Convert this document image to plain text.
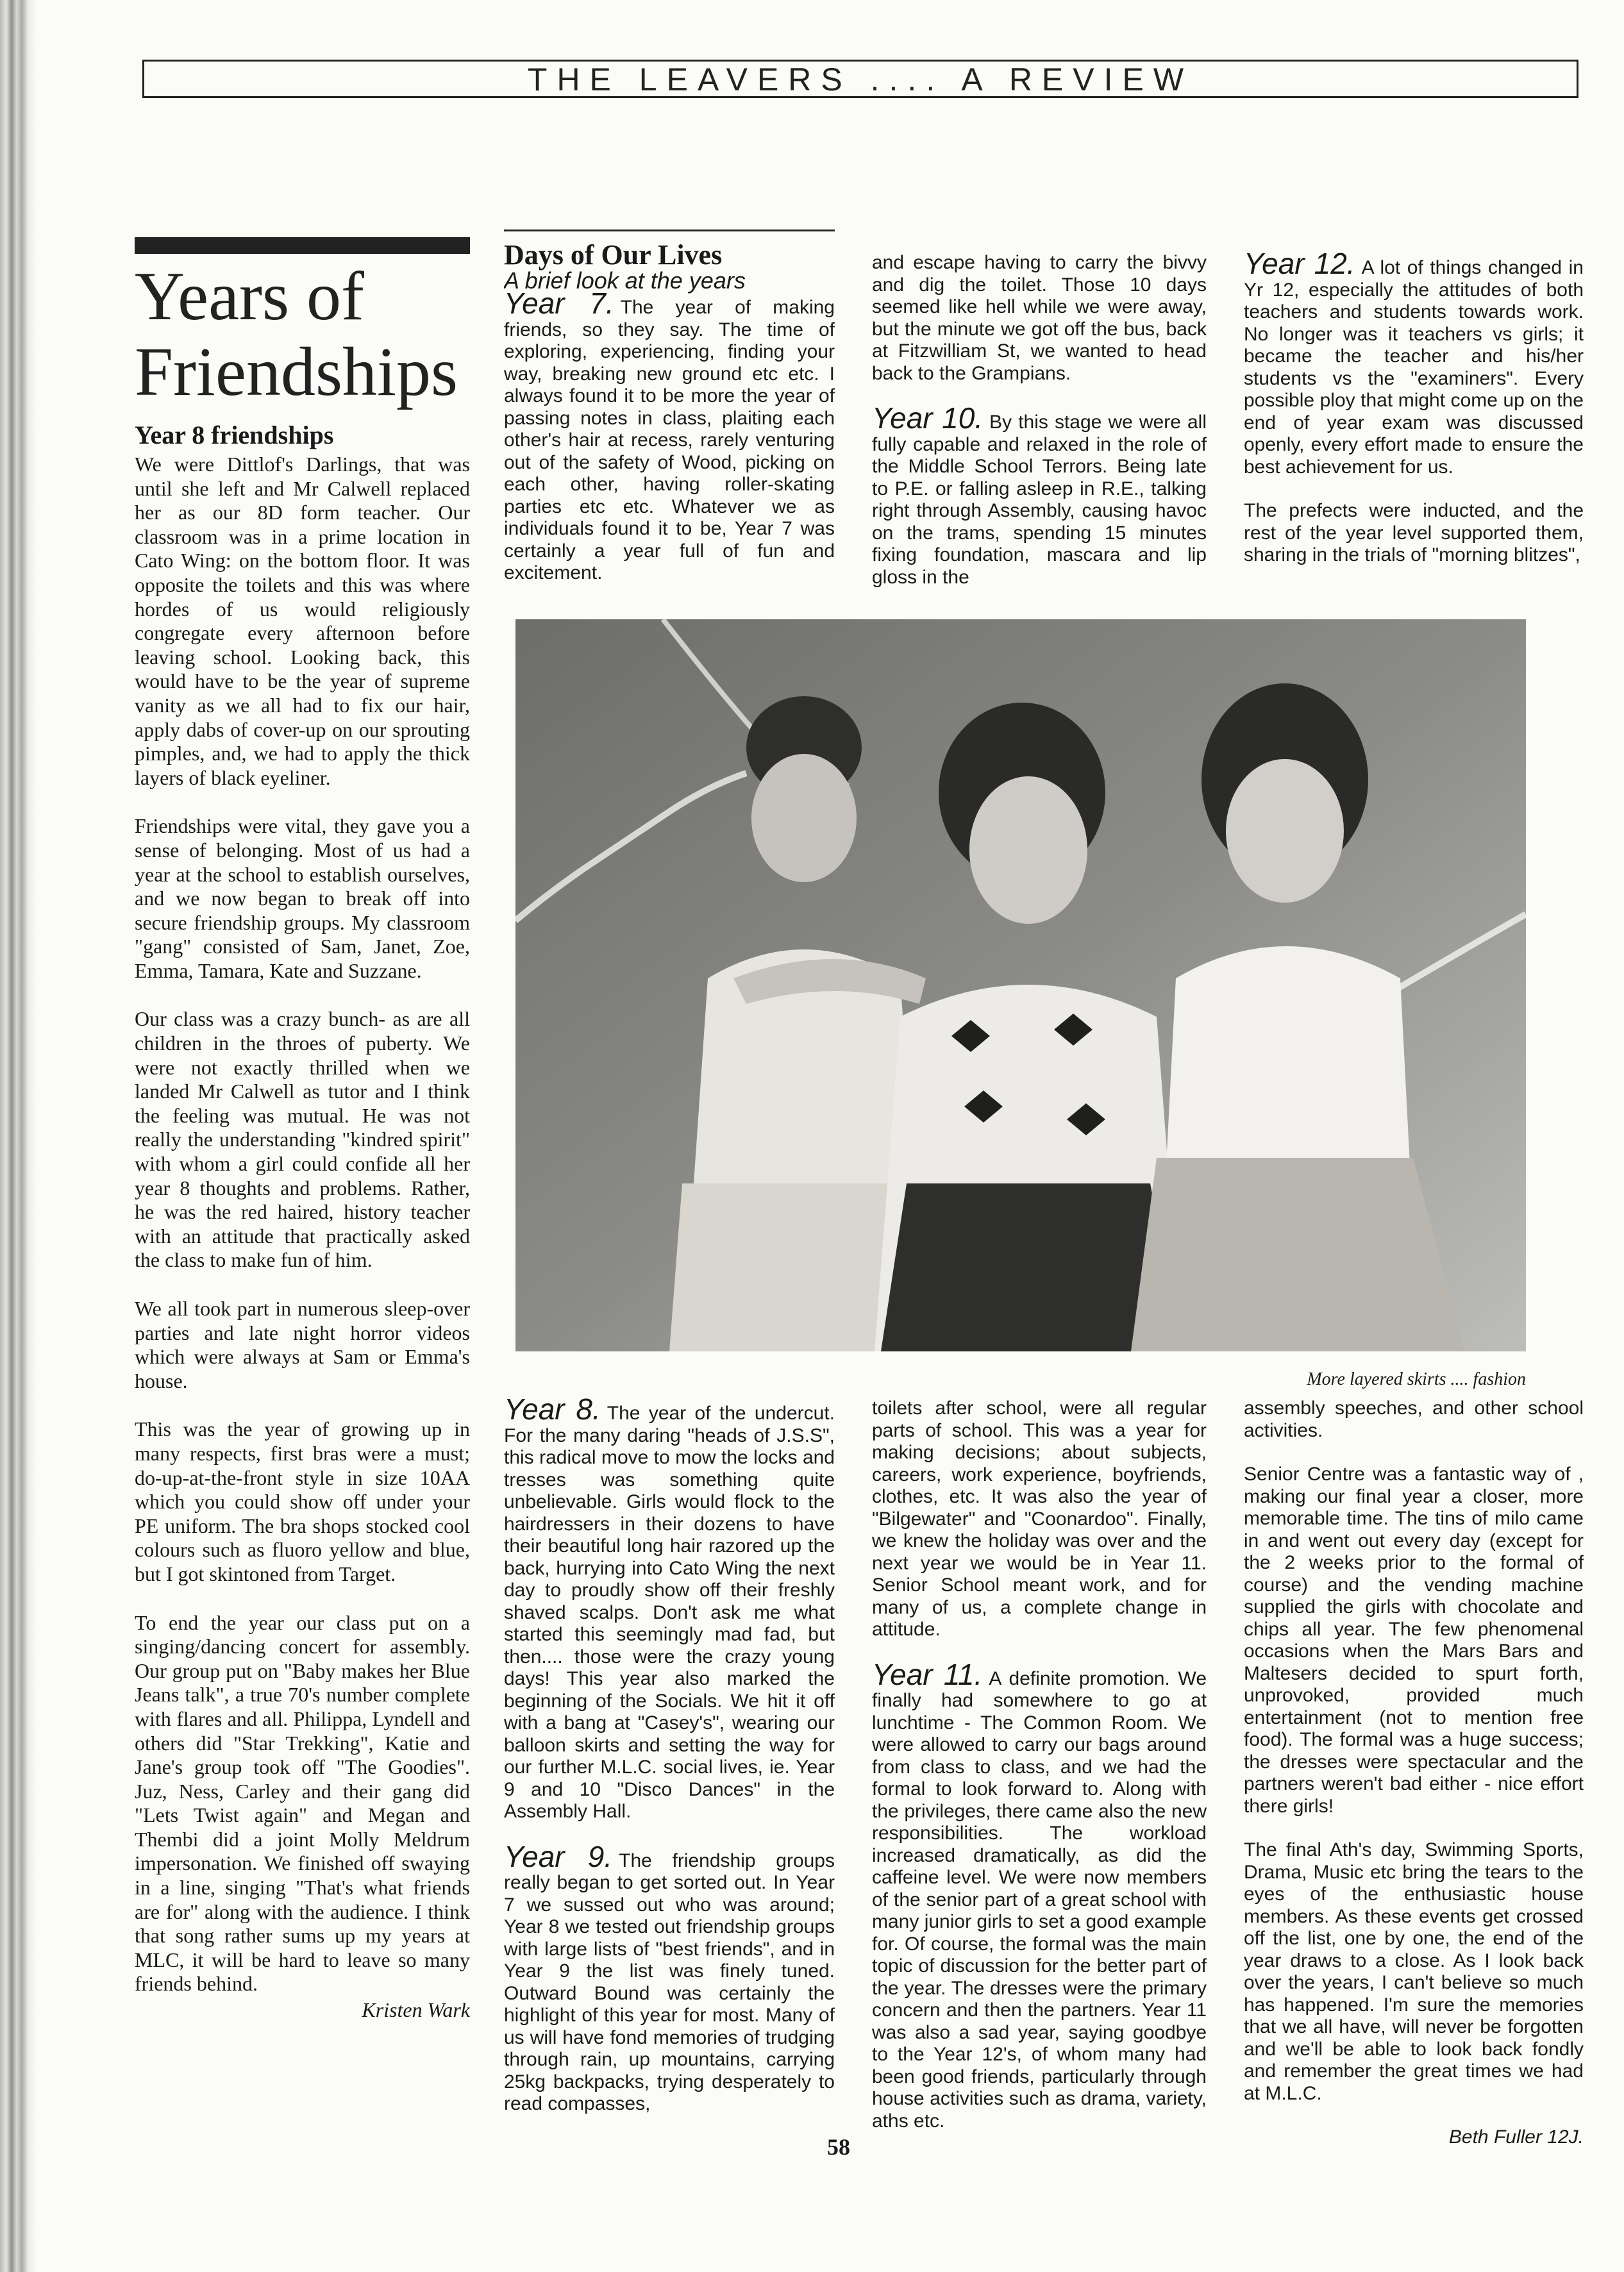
THE LEAVERS .... A REVIEW
Years of Friendships
Year 8 friendships

We were Dittlof's Darlings, that was until she left and Mr Calwell replaced her as our 8D form teacher. Our classroom was in a prime location in Cato Wing: on the bottom floor. It was opposite the toilets and this was where hordes of us would religiously congregate every afternoon before leaving school. Looking back, this would have to be the year of supreme vanity as we all had to fix our hair, apply dabs of cover-up on our sprouting pimples, and, we had to apply the thick layers of black eyeliner.

Friendships were vital, they gave you a sense of belonging. Most of us had a year at the school to establish ourselves, and we now began to break off into secure friendship groups. My classroom "gang" consisted of Sam, Janet, Zoe, Emma, Tamara, Kate and Suzzane.

Our class was a crazy bunch- as are all children in the throes of puberty. We were not exactly thrilled when we landed Mr Calwell as tutor and I think the feeling was mutual. He was not really the understanding "kindred spirit" with whom a girl could confide all her year 8 thoughts and problems. Rather, he was the red haired, history teacher with an attitude that practically asked the class to make fun of him.

We all took part in numerous sleep-over parties and late night horror videos which were always at Sam or Emma's house.

This was the year of growing up in many respects, first bras were a must; do-up-at-the-front style in size 10AA which you could show off under your PE uniform. The bra shops stocked cool colours such as fluoro yellow and blue, but I got skintoned from Target.

To end the year our class put on a singing/dancing concert for assembly. Our group put on "Baby makes her Blue Jeans talk", a true 70's number complete with flares and all. Philippa, Lyndell and others did "Star Trekking", Katie and Jane's group took off "The Goodies". Juz, Ness, Carley and their gang did "Lets Twist again" and Megan and Thembi did a joint Molly Meldrum impersonation. We finished off swaying in a line, singing "That's what friends are for" along with the audience. I think that song rather sums up my years at MLC, it will be hard to leave so many friends behind.

Kristen Wark
Days of Our Lives
A brief look at the years

Year 7. The year of making friends, so they say. The time of exploring, experiencing, finding your way, breaking new ground etc etc. I always found it to be more the year of passing notes in class, plaiting each other's hair at recess, rarely venturing out of the safety of Wood, picking on each other, having roller-skating parties etc etc. Whatever we as individuals found it to be, Year 7 was certainly a year full of fun and excitement.

and escape having to carry the bivvy and dig the toilet. Those 10 days seemed like hell while we were away, but the minute we got off the bus, back at Fitzwilliam St, we wanted to head back to the Grampians.

Year 10. By this stage we were all fully capable and relaxed in the role of the Middle School Terrors. Being late to P.E. or falling asleep in R.E., talking right through Assembly, causing havoc on the trams, spending 15 minutes fixing foundation, mascara and lip gloss in the

Year 12. A lot of things changed in Yr 12, especially the attitudes of both teachers and students towards work. No longer was it teachers vs girls; it became the teacher and his/her students vs the "examiners". Every possible ploy that might come up on the end of year exam was discussed openly, every effort made to ensure the best achievement for us.

The prefects were inducted, and the rest of the year level supported them, sharing in the trials of "morning blitzes",

More layered skirts .... fashion

Year 8. The year of the undercut. For the many daring "heads of J.S.S", this radical move to mow the locks and tresses was something quite unbelievable. Girls would flock to the hairdressers in their dozens to have their beautiful long hair razored up the back, hurrying into Cato Wing the next day to proudly show off their freshly shaved scalps. Don't ask me what started this seemingly mad fad, but then.... those were the crazy young days! This year also marked the beginning of the Socials. We hit it off with a bang at "Casey's", wearing our balloon skirts and setting the way for our further M.L.C. social lives, ie. Year 9 and 10 "Disco Dances" in the Assembly Hall.

Year 9. The friendship groups really began to get sorted out. In Year 7 we sussed out who was around; Year 8 we tested out friendship groups with large lists of "best friends", and in Year 9 the list was finely tuned. Outward Bound was certainly the highlight of this year for most. Many of us will have fond memories of trudging through rain, up mountains, carrying 25kg backpacks, trying desperately to read compasses,

toilets after school, were all regular parts of school. This was a year for making decisions; about subjects, careers, work experience, boyfriends, clothes, etc. It was also the year of "Bilgewater" and "Coonardoo". Finally, we knew the holiday was over and the next year we would be in Year 11. Senior School meant work, and for many of us, a complete change in attitude.

Year 11. A definite promotion. We finally had somewhere to go at lunchtime - The Common Room. We were allowed to carry our bags around from class to class, and we had the formal to look forward to. Along with the privileges, there came also the new responsibilities. The workload increased dramatically, as did the caffeine level. We were now members of the senior part of a great school with many junior girls to set a good example for. Of course, the formal was the main topic of discussion for the better part of the year. The dresses were the primary concern and then the partners. Year 11 was also a sad year, saying goodbye to the Year 12's, of whom many had been good friends, particularly through house activities such as drama, variety, aths etc.

assembly speeches, and other school activities.

Senior Centre was a fantastic way of , making our final year a closer, more memorable time. The tins of milo came in and went out every day (except for the 2 weeks prior to the formal of course) and the vending machine supplied the girls with chocolate and chips all year. The few phenomenal occasions when the Mars Bars and Maltesers decided to spurt forth, unprovoked, provided much entertainment (not to mention free food). The formal was a huge success; the dresses were spectacular and the partners weren't bad either - nice effort there girls!

The final Ath's day, Swimming Sports, Drama, Music etc bring the tears to the eyes of the enthusiastic house members. As these events get crossed off the list, one by one, the end of the year draws to a close. As I look back over the years, I can't believe so much has happened. I'm sure the memories that we all have, will never be forgotten and we'll be able to look back fondly and remember the great times we had at M.L.C.

Beth Fuller 12J.
58
